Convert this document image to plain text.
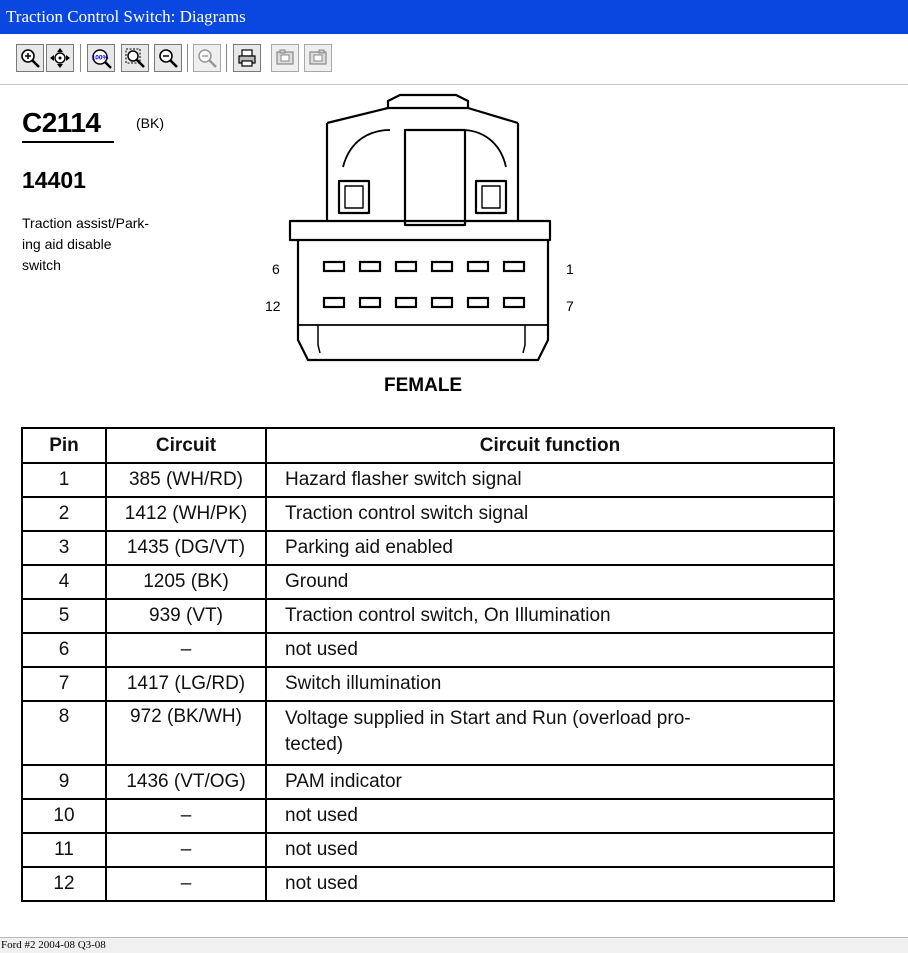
Traction Control Switch: Diagrams
100%
C2114	(BK)
14401
Traction assist/Park-
ing aid disable
switch	6	1
12	7
FEMALE
Pin	Circuit	Circuit function
1	385 (WH/RD)	Hazard flasher switch signal

2	1412 (WH/PK)	Traction control switch signal

3	1435 (DG/VT)	Parking aid enabled

4	1205 (BK)	Ground

5	939 (VT)	Traction control switch, On Illumination

6	–	not used

7	1417 (LG/RD)	Switch illumination

8	972 (BK/WH)	Voltage supplied in Start and Run (overload pro-
tected)

9	1436 (VT/OG)	PAM indicator

10	–	not used

11	–	not used

12	–	not used
Ford #2 2004-08 Q3-08
